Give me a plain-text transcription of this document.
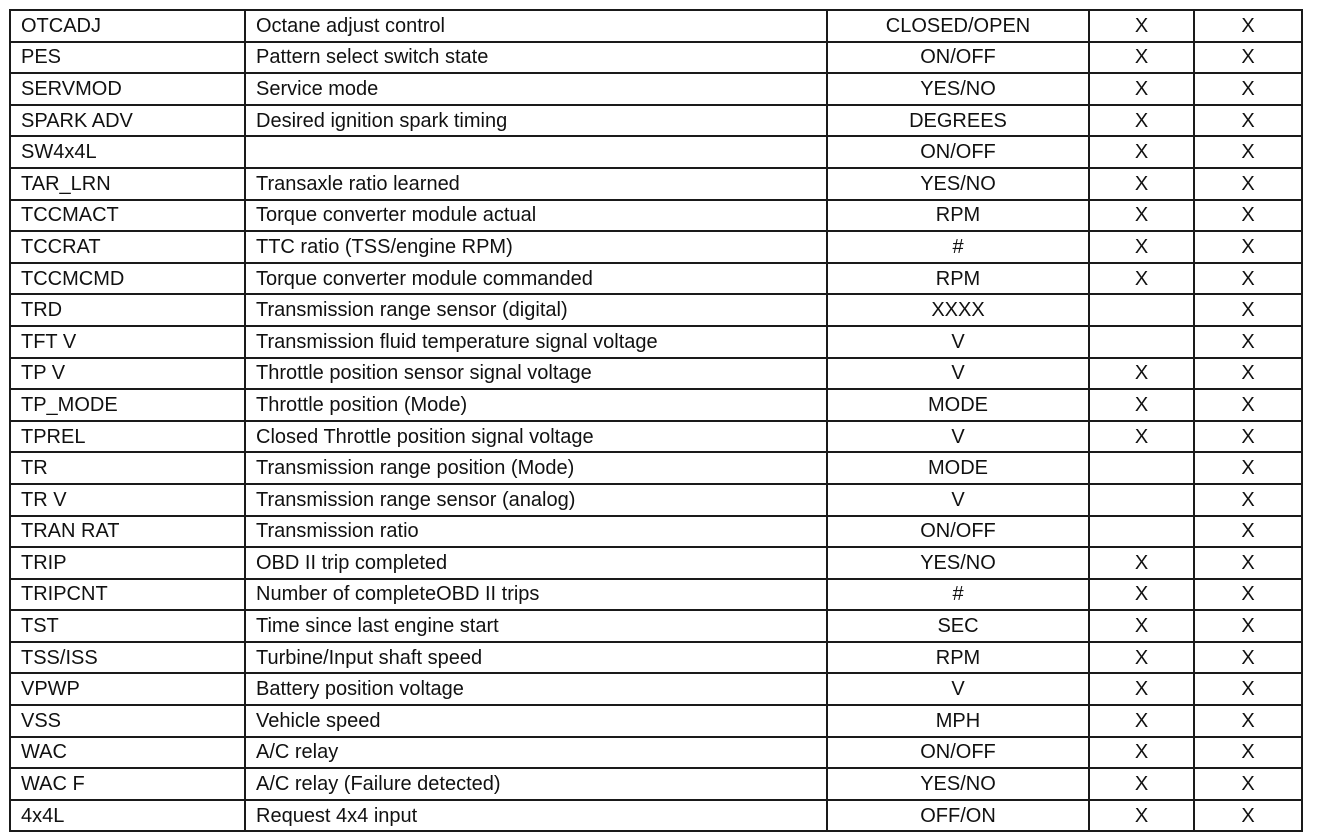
OTCADJ	Octane adjust control	CLOSED/OPEN	X	X
PES	Pattern select switch state	ON/OFF	X	X
SERVMOD	Service mode	YES/NO	X	X
SPARK ADV	Desired ignition spark timing	DEGREES	X	X
SW4x4L		ON/OFF	X	X
TAR_LRN	Transaxle ratio learned	YES/NO	X	X
TCCMACT	Torque converter module actual	RPM	X	X
TCCRAT	TTC ratio (TSS/engine RPM)	#	X	X
TCCMCMD	Torque converter module commanded	RPM	X	X
TRD	Transmission range sensor (digital)	XXXX		X
TFT V	Transmission fluid temperature signal voltage	V		X
TP V	Throttle position sensor signal voltage	V	X	X
TP_MODE	Throttle position (Mode)	MODE	X	X
TPREL	Closed Throttle position signal voltage	V	X	X
TR	Transmission range position (Mode)	MODE		X
TR V	Transmission range sensor (analog)	V		X
TRAN RAT	Transmission ratio	ON/OFF		X
TRIP	OBD II trip completed	YES/NO	X	X
TRIPCNT	Number of completeOBD II trips	#	X	X
TST	Time since last engine start	SEC	X	X
TSS/ISS	Turbine/Input shaft speed	RPM	X	X
VPWP	Battery position voltage	V	X	X
VSS	Vehicle speed	MPH	X	X
WAC	A/C relay	ON/OFF	X	X
WAC F	A/C relay (Failure detected)	YES/NO	X	X
4x4L	Request 4x4 input	OFF/ON	X	X
